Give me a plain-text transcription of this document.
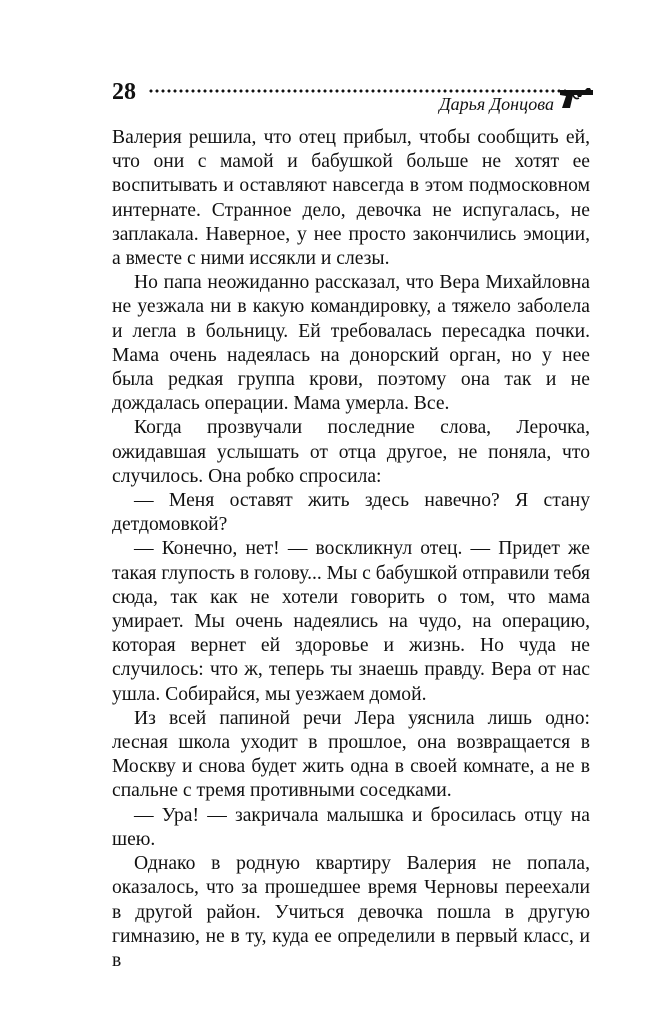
28	Дарья Донцова

Валерия решила, что отец прибыл, чтобы сообщить ей, что они с мамой и бабушкой больше не хотят ее воспитывать и оставляют навсегда в этом подмосковном интернате. Странное дело, девочка не испугалась, не заплакала. Наверное, у нее просто закончились эмоции, а вместе с ними иссякли и слезы.

Но папа неожиданно рассказал, что Вера Михайловна не уезжала ни в какую командировку, а тяжело заболела и легла в больницу. Ей требовалась пересадка почки. Мама очень надеялась на донорский орган, но у нее была редкая группа крови, поэтому она так и не дождалась операции. Мама умерла. Все.

Когда прозвучали последние слова, Лерочка, ожидавшая услышать от отца другое, не поняла, что случилось. Она робко спросила:

— Меня оставят жить здесь навечно? Я стану детдомовкой?

— Конечно, нет! — воскликнул отец. — Придет же такая глупость в голову... Мы с бабушкой отправили тебя сюда, так как не хотели говорить о том, что мама умирает. Мы очень надеялись на чудо, на операцию, которая вернет ей здоровье и жизнь. Но чуда не случилось: что ж, теперь ты знаешь правду. Вера от нас ушла. Собирайся, мы уезжаем домой.

Из всей папиной речи Лера уяснила лишь одно: лесная школа уходит в прошлое, она возвращается в Москву и снова будет жить одна в своей комнате, а не в спальне с тремя противными соседками.

— Ура! — закричала малышка и бросилась отцу на шею.

Однако в родную квартиру Валерия не попала, оказалось, что за прошедшее время Черновы переехали в другой район. Учиться девочка пошла в другую гимназию, не в ту, куда ее определили в первый класс, и в
